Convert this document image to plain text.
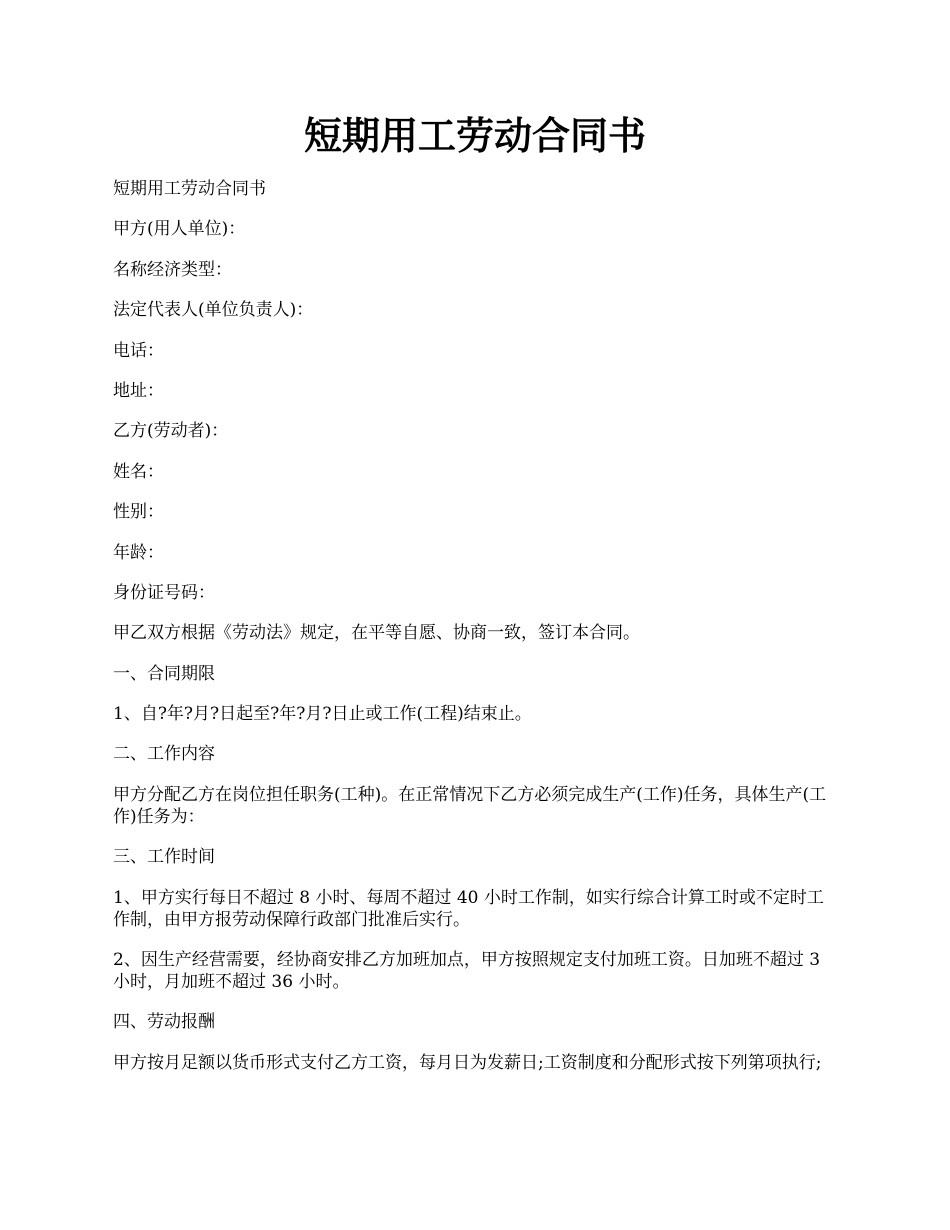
短期用工劳动合同书

短期用工劳动合同书

甲方(用人单位)：

名称经济类型：

法定代表人(单位负责人)：

电话：

地址：

乙方(劳动者)：

姓名：

性别：

年龄：

身份证号码：

甲乙双方根据《劳动法》规定，在平等自愿、协商一致，签订本合同。

一、合同期限

1、自?年?月?日起至?年?月?日止或工作(工程)结束止。

二、工作内容

甲方分配乙方在岗位担任职务(工种)。在正常情况下乙方必须完成生产(工作)任务，具体生产(工作)任务为：

三、工作时间

1、甲方实行每日不超过 8 小时、每周不超过 40 小时工作制，如实行综合计算工时或不定时工作制，由甲方报劳动保障行政部门批准后实行。

2、因生产经营需要，经协商安排乙方加班加点，甲方按照规定支付加班工资。日加班不超过 3 小时，月加班不超过 36 小时。

四、劳动报酬

甲方按月足额以货币形式支付乙方工资，每月日为发薪日;工资制度和分配形式按下列第项执行;
